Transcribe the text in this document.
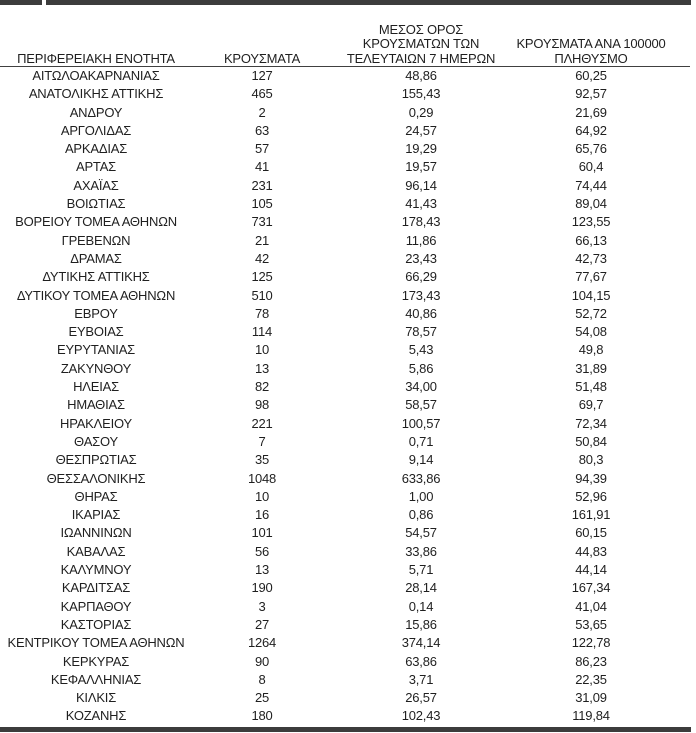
ΠΕΡΙΦΕΡΕΙΑΚΗ ΕΝΟΤΗΤΑ	ΚΡΟΥΣΜΑΤΑ	ΜΕΣΟΣ ΟΡΟΣ
ΚΡΟΥΣΜΑΤΩΝ ΤΩΝ
ΤΕΛΕΥΤΑΙΩΝ 7 ΗΜΕΡΩΝ	ΚΡΟΥΣΜΑΤΑ ΑΝΑ 100000
ΠΛΗΘΥΣΜΟ

ΑΙΤΩΛΟΑΚΑΡΝΑΝΙΑΣ	127	48,86	60,25
ΑΝΑΤΟΛΙΚΗΣ ΑΤΤΙΚΗΣ	465	155,43	92,57
ΑΝΔΡΟΥ	2	0,29	21,69
ΑΡΓΟΛΙΔΑΣ	63	24,57	64,92
ΑΡΚΑΔΙΑΣ	57	19,29	65,76
ΑΡΤΑΣ	41	19,57	60,4
ΑΧΑΪΑΣ	231	96,14	74,44
ΒΟΙΩΤΙΑΣ	105	41,43	89,04
ΒΟΡΕΙΟΥ ΤΟΜΕΑ ΑΘΗΝΩΝ	731	178,43	123,55
ΓΡΕΒΕΝΩΝ	21	11,86	66,13
ΔΡΑΜΑΣ	42	23,43	42,73
ΔΥΤΙΚΗΣ ΑΤΤΙΚΗΣ	125	66,29	77,67
ΔΥΤΙΚΟΥ ΤΟΜΕΑ ΑΘΗΝΩΝ	510	173,43	104,15
ΕΒΡΟΥ	78	40,86	52,72
ΕΥΒΟΙΑΣ	114	78,57	54,08
ΕΥΡΥΤΑΝΙΑΣ	10	5,43	49,8
ΖΑΚΥΝΘΟΥ	13	5,86	31,89
ΗΛΕΙΑΣ	82	34,00	51,48
ΗΜΑΘΙΑΣ	98	58,57	69,7
ΗΡΑΚΛΕΙΟΥ	221	100,57	72,34
ΘΑΣΟΥ	7	0,71	50,84
ΘΕΣΠΡΩΤΙΑΣ	35	9,14	80,3
ΘΕΣΣΑΛΟΝΙΚΗΣ	1048	633,86	94,39
ΘΗΡΑΣ	10	1,00	52,96
ΙΚΑΡΙΑΣ	16	0,86	161,91
ΙΩΑΝΝΙΝΩΝ	101	54,57	60,15
ΚΑΒΑΛΑΣ	56	33,86	44,83
ΚΑΛΥΜΝΟΥ	13	5,71	44,14
ΚΑΡΔΙΤΣΑΣ	190	28,14	167,34
ΚΑΡΠΑΘΟΥ	3	0,14	41,04
ΚΑΣΤΟΡΙΑΣ	27	15,86	53,65
ΚΕΝΤΡΙΚΟΥ ΤΟΜΕΑ ΑΘΗΝΩΝ	1264	374,14	122,78
ΚΕΡΚΥΡΑΣ	90	63,86	86,23
ΚΕΦΑΛΛΗΝΙΑΣ	8	3,71	22,35
ΚΙΛΚΙΣ	25	26,57	31,09
ΚΟΖΑΝΗΣ	180	102,43	119,84
